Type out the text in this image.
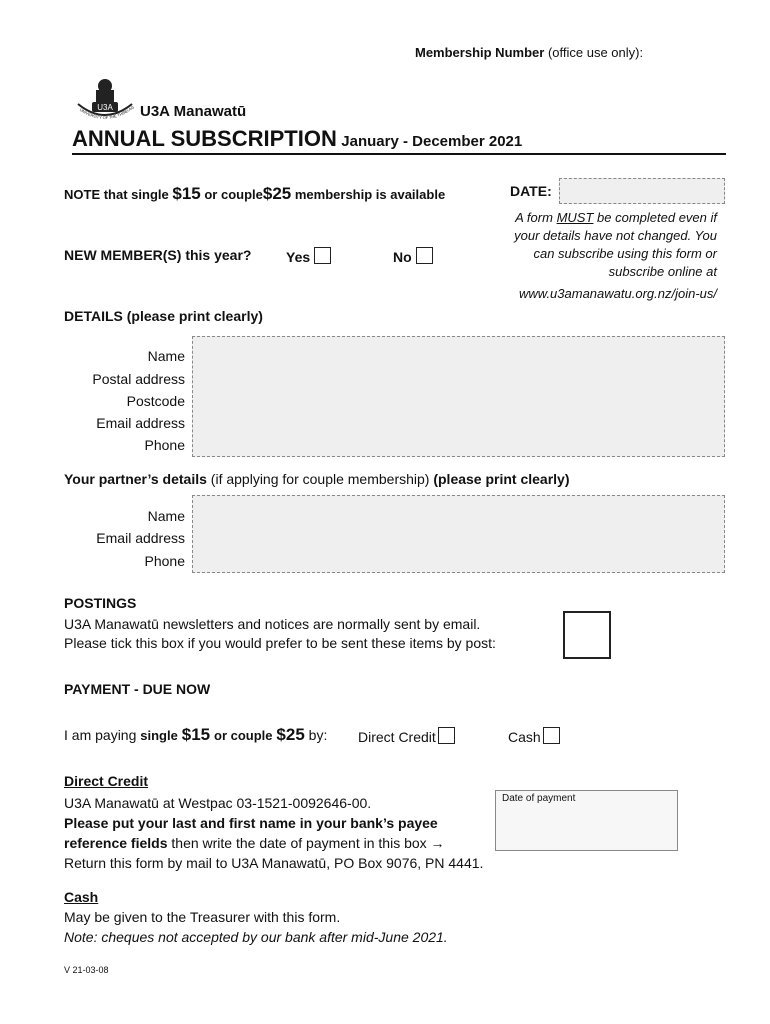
Membership Number (office use only):
U3A
UNIVERSITY OF THE THIRD AG U3A Manawatū
ANNUAL SUBSCRIPTION January - December 2021
NOTE that single $15 or couple$25 membership is available	DATE:
A form MUST be completed even if
your details have not changed. You
can subscribe using this form or
subscribe online at
www.u3amanawatu.org.nz/join-us/
NEW MEMBER(S) this year? Yes	No
DETAILS (please print clearly)
Name
Postal address
Postcode
Email address
Phone
Your partner’s details (if applying for couple membership) (please print clearly)
Name
Email address
Phone
POSTINGS
U3A Manawatū newsletters and notices are normally sent by email.
Please tick this box if you would prefer to be sent these items by post:
PAYMENT - DUE NOW
I am paying single $15 or couple $25 by: Direct Credit	Cash
Direct Credit
U3A Manawatū at Westpac 03-1521-0092646-00.
Please put your last and first name in your bank’s payee
reference fields then write the date of payment in this box →
Return this form by mail to U3A Manawatū, PO Box 9076, PN 4441.
Date of payment
Cash
May be given to the Treasurer with this form.
Note: cheques not accepted by our bank after mid-June 2021.
V 21-03-08
